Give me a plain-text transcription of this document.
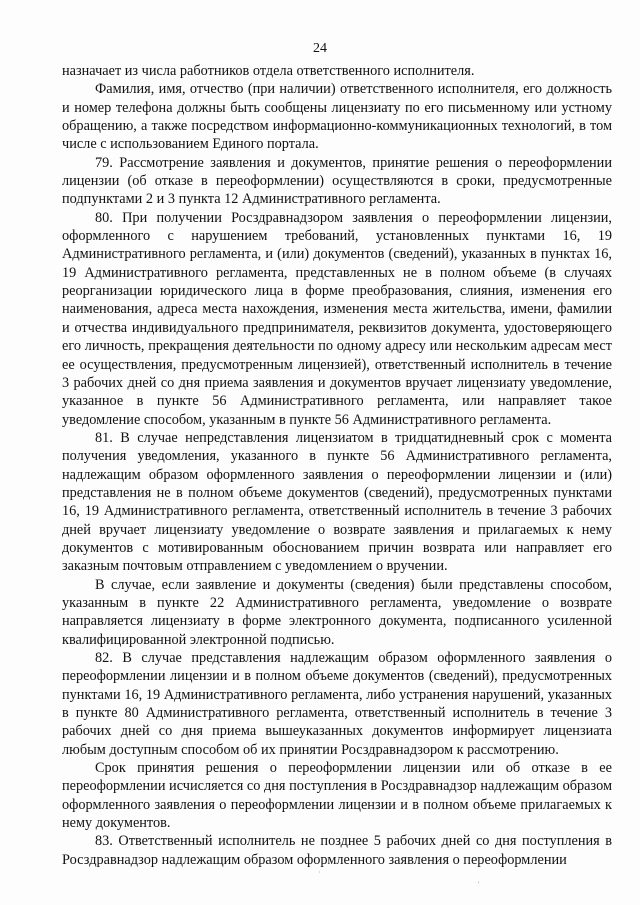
24

назначает из числа работников отдела ответственного исполнителя.

Фамилия, имя, отчество (при наличии) ответственного исполнителя, его должность и номер телефона должны быть сообщены лицензиату по его письменному или устному обращению, а также посредством информационно-коммуникационных технологий, в том числе с использованием Единого портала.

79. Рассмотрение заявления и документов, принятие решения о переоформлении лицензии (об отказе в переоформлении) осуществляются в сроки, предусмотренные подпунктами 2 и 3 пункта 12 Административного регламента.

80. При получении Росздравнадзором заявления о переоформлении лицензии, оформленного с нарушением требований, установленных пунктами 16, 19 Административного регламента, и (или) документов (сведений), указанных в пунктах 16, 19 Административного регламента, представленных не в полном объеме (в случаях реорганизации юридического лица в форме преобразования, слияния, изменения его наименования, адреса места нахождения, изменения места жительства, имени, фамилии и отчества индивидуального предпринимателя, реквизитов документа, удостоверяющего его личность, прекращения деятельности по одному адресу или нескольким адресам мест ее осуществления, предусмотренным лицензией), ответственный исполнитель в течение 3 рабочих дней со дня приема заявления и документов вручает лицензиату уведомление, указанное в пункте 56 Административного регламента, или направляет такое уведомление способом, указанным в пункте 56 Административного регламента.

81. В случае непредставления лицензиатом в тридцатидневный срок с момента получения уведомления, указанного в пункте 56 Административного регламента, надлежащим образом оформленного заявления о переоформлении лицензии и (или) представления не в полном объеме документов (сведений), предусмотренных пунктами 16, 19 Административного регламента, ответственный исполнитель в течение 3 рабочих дней вручает лицензиату уведомление о возврате заявления и прилагаемых к нему документов с мотивированным обоснованием причин возврата или направляет его заказным почтовым отправлением с уведомлением о вручении.

В случае, если заявление и документы (сведения) были представлены способом, указанным в пункте 22 Административного регламента, уведомление о возврате направляется лицензиату в форме электронного документа, подписанного усиленной квалифицированной электронной подписью.

82. В случае представления надлежащим образом оформленного заявления о переоформлении лицензии и в полном объеме документов (сведений), предусмотренных пунктами 16, 19 Административного регламента, либо устранения нарушений, указанных в пункте 80 Административного регламента, ответственный исполнитель в течение 3 рабочих дней со дня приема вышеуказанных документов информирует лицензиата любым доступным способом об их принятии Росздравнадзором к рассмотрению.

Срок принятия решения о переоформлении лицензии или об отказе в ее переоформлении исчисляется со дня поступления в Росздравнадзор надлежащим образом оформленного заявления о переоформлении лицензии и в полном объеме прилагаемых к нему документов.

83. Ответственный исполнитель не позднее 5 рабочих дней со дня поступления в Росздравнадзор надлежащим образом оформленного заявления о переоформлении

·
'
